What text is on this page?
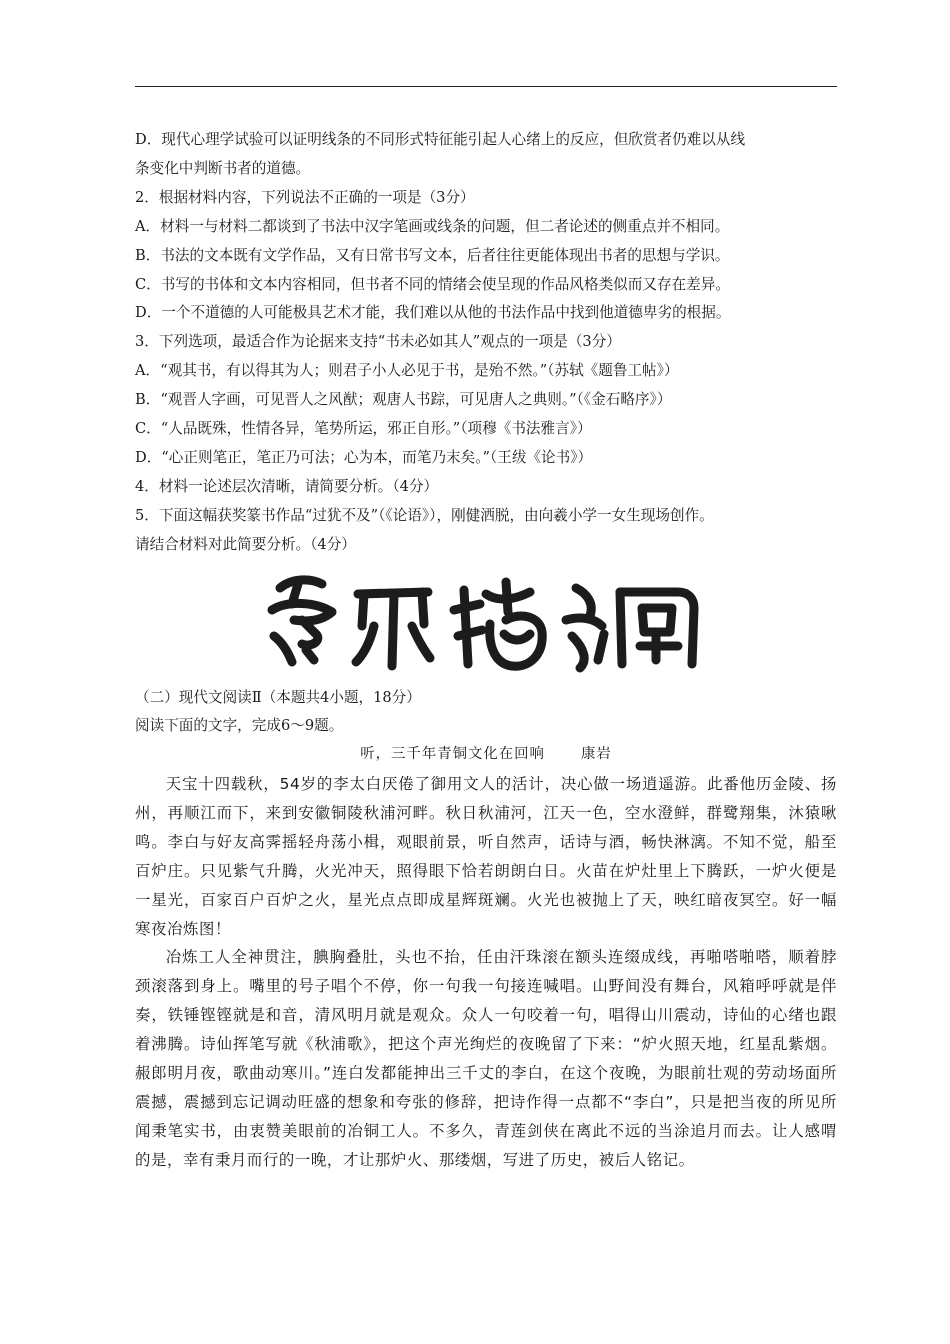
D．现代心理学试验可以证明线条的不同形式特征能引起人心绪上的反应，但欣赏者仍难以从线

条变化中判断书者的道德。

2．根据材料内容，下列说法不正确的一项是（3分）

A．材料一与材料二都谈到了书法中汉字笔画或线条的问题，但二者论述的侧重点并不相同。

B．书法的文本既有文学作品，又有日常书写文本，后者往往更能体现出书者的思想与学识。

C．书写的书体和文本内容相同，但书者不同的情绪会使呈现的作品风格类似而又存在差异。

D．一个不道德的人可能极具艺术才能，我们难以从他的书法作品中找到他道德卑劣的根据。

3．下列选项，最适合作为论据来支持“书未必如其人”观点的一项是（3分）

A．“观其书，有以得其为人；则君子小人必见于书，是殆不然。”（苏轼《题鲁工帖》）

B．“观晋人字画，可见晋人之风猷；观唐人书踪，可见唐人之典则。”（《金石略序》）

C．“人品既殊，性情各异，笔势所运，邪正自形。”（项穆《书法雅言》）

D．“心正则笔正，笔正乃可法；心为本，而笔乃末矣。”（王绂《论书》）

4．材料一论述层次清晰，请简要分析。（4分）

5．下面这幅获奖篆书作品“过犹不及”（《论语》），刚健洒脱，由向羲小学一女生现场创作。

请结合材料对此简要分析。（4分）

（二）现代文阅读Ⅱ（本题共4小题，18分）

阅读下面的文字，完成6～9题。

听，三千年青铜文化在回响	康岩

天宝十四载秋，54岁的李太白厌倦了御用文人的活计，决心做一场逍遥游。此番他历金陵、扬州，再顺江而下，来到安徽铜陵秋浦河畔。秋日秋浦河，江天一色，空水澄鲜，群鹭翔集，沐猿啾鸣。李白与好友高霁摇轻舟荡小楫，观眼前景，听自然声，话诗与酒，畅快淋漓。不知不觉，船至百炉庄。只见紫气升腾，火光冲天，照得眼下恰若朗朗白日。火苗在炉灶里上下腾跃，一炉火便是一星光，百家百户百炉之火，星光点点即成星辉斑斓。火光也被抛上了天，映红暗夜冥空。好一幅寒夜冶炼图！

冶炼工人全神贯注，腆胸叠肚，头也不抬，任由汗珠滚在额头连缀成线，再啪嗒啪嗒，顺着脖颈滚落到身上。嘴里的号子唱个不停，你一句我一句接连喊唱。山野间没有舞台，风箱呼呼就是伴奏，铁锤铿铿就是和音，清风明月就是观众。众人一句咬着一句，唱得山川震动，诗仙的心绪也跟着沸腾。诗仙挥笔写就《秋浦歌》，把这个声光绚烂的夜晚留了下来：“炉火照天地，红星乱紫烟。赧郎明月夜，歌曲动寒川。”连白发都能抻出三千丈的李白，在这个夜晚，为眼前壮观的劳动场面所震撼，震撼到忘记调动旺盛的想象和夸张的修辞，把诗作得一点都不“李白”，只是把当夜的所见所闻秉笔实书，由衷赞美眼前的冶铜工人。不多久，青莲剑侠在离此不远的当涂追月而去。让人感喟的是，幸有秉月而行的一晚，才让那炉火、那缕烟，写进了历史，被后人铭记。
